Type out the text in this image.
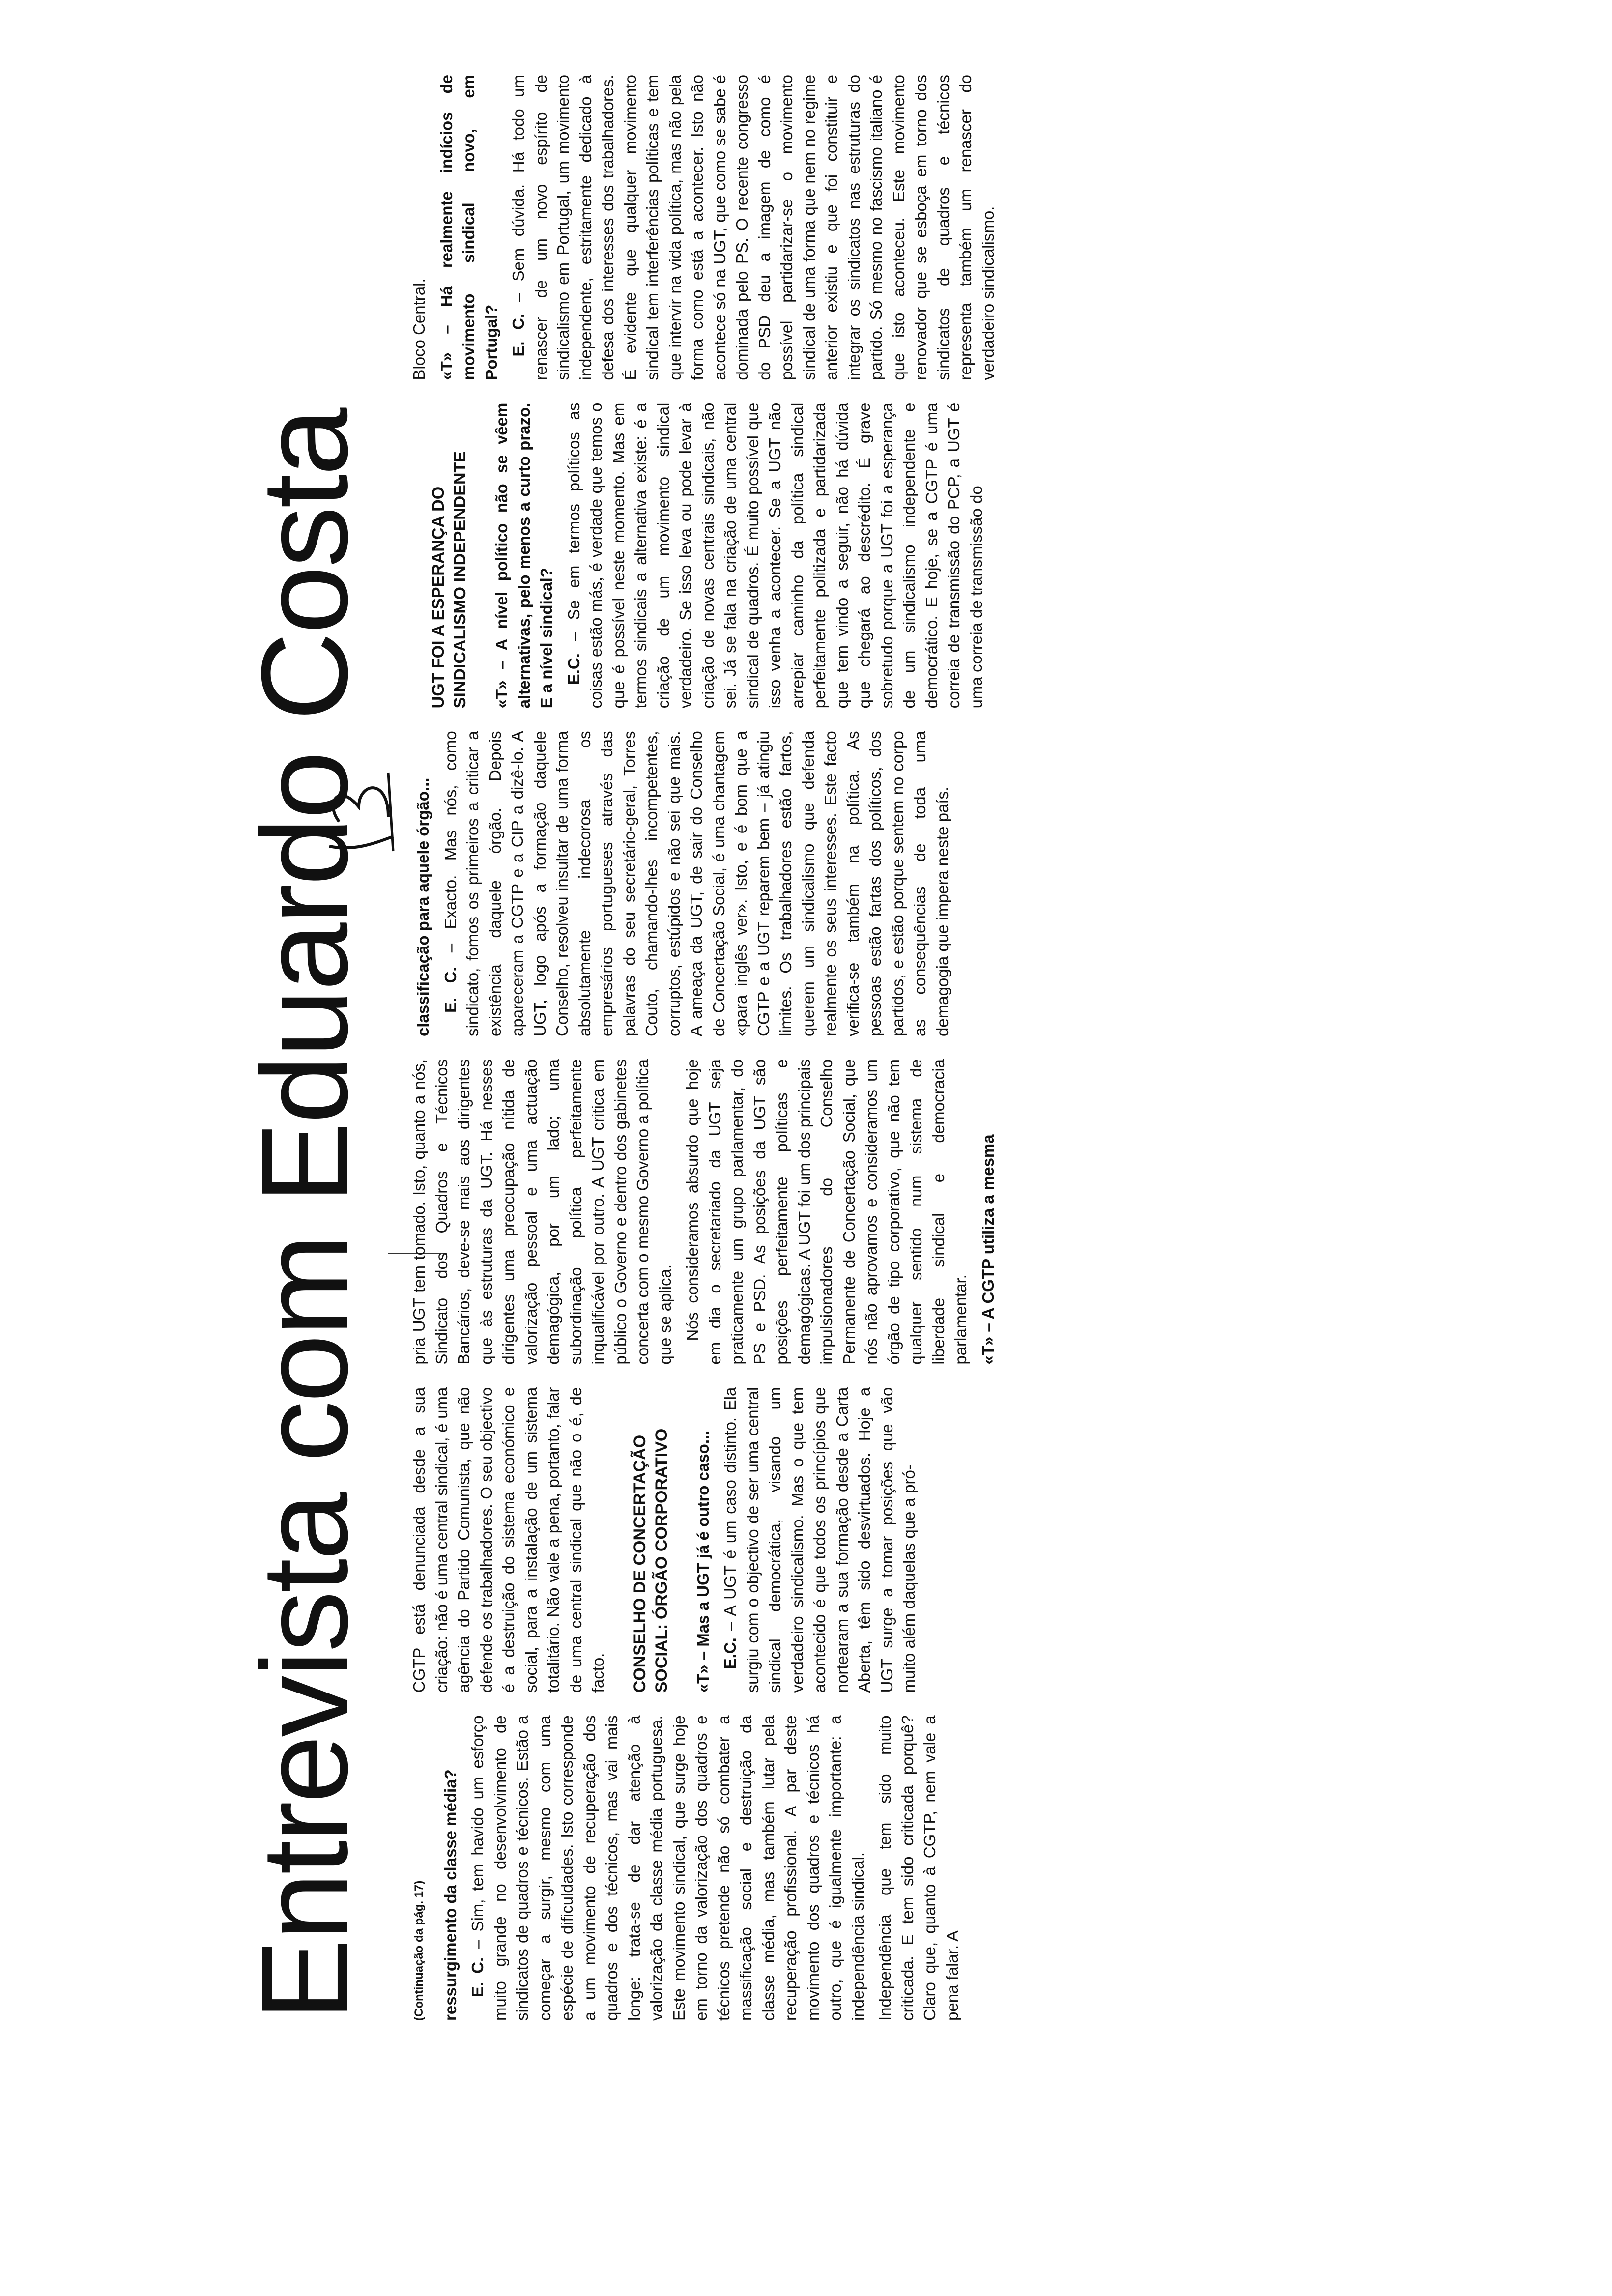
Entrevista com Eduardo Costa	(Continuação da pág. 17) ressurgimento da classe média? E. C. – Sim, tem havido um esforço muito grande no desenvolvimento de sindicatos de quadros e técnicos. Estão a começar a surgir, mesmo com uma espécie de dificuldades. Isto corresponde a um movimento de recuperação dos quadros e dos técnicos, mas vai mais longe: trata-se de dar atenção à valorização da classe média portuguesa. Este movimento sindical, que surge hoje em torno da valorização dos quadros e técnicos pretende não só combater a massificação social e destruição da classe média, mas também lutar pela recuperação profissional. A par deste movimento dos quadros e técnicos há outro, que é igualmente importante: a independência sindical. Independência que tem sido muito criticada. E tem sido criticada porquê? Claro que, quanto à CGTP, nem vale a pena falar. A

CGTP está denunciada desde a sua criação: não é uma central sindical, é uma agência do Partido Comunista, que não defende os trabalhadores. O seu objectivo é a destruição do sistema económico e social, para a instalação de um sistema totalitário. Não vale a pena, portanto, falar de uma central sindical que não o é, de facto. CONSELHO DE CONCERTAÇÃO SOCIAL: ÓRGÃO CORPORATIVO «T» – Mas a UGT já é outro caso... E.C. – A UGT é um caso distinto. Ela surgiu com o objectivo de ser uma central sindical democrática, visando um verdadeiro sindicalismo. Mas o que tem acontecido é que todos os princípios que nortearam a sua formação desde a Carta Aberta, têm sido desvirtuados. Hoje a UGT surge a tomar posições que vão muito além daquelas que a pró-

pria UGT tem tomado. Isto, quanto a nós, Sindicato dos Quadros e Técnicos Bancários, deve-se mais aos dirigentes que às estruturas da UGT. Há nesses dirigentes uma preocupação nítida de valorização pessoal e uma actuação demagógica, por um lado; uma subordinação política perfeitamente inqualificável por outro. A UGT critica em público o Governo e dentro dos gabinetes concerta com o mesmo Governo a política que se aplica. Nós consideramos absurdo que hoje em dia o secretariado da UGT seja praticamente um grupo parlamentar, do PS e PSD. As posições da UGT são posições perfeitamente políticas e demagógicas. A UGT foi um dos principais impulsionadores do Conselho Permanente de Concertação Social, que nós não aprovamos e consideramos um órgão de tipo corporativo, que não tem qualquer sentido num sistema de liberdade sindical e democracia parlamentar. «T» – A CGTP utiliza a mesma

classificação para aquele órgão... E. C. – Exacto. Mas nós, como sindicato, fomos os primeiros a criticar a existência daquele órgão. Depois apareceram a CGTP e a CIP a dizê-lo. A UGT, logo após a formação daquele Conselho, resolveu insultar de uma forma absolutamente indecorosa os empresários portugueses através das palavras do seu secretário-geral, Torres Couto, chamando-lhes incompetentes, corruptos, estúpidos e não sei que mais. A ameaça da UGT, de sair do Conselho de Concertação Social, é uma chantagem «para inglês ver». Isto, e é bom que a CGTP e a UGT reparem bem – já atingiu limites. Os trabalhadores estão fartos, querem um sindicalismo que defenda realmente os seus interesses. Este facto verifica-se também na política. As pessoas estão fartas dos políticos, dos partidos, e estão porque sentem no corpo as consequências de toda uma demagogia que impera neste país.

UGT FOI A ESPERANÇA DO SINDICALISMO INDEPENDENTE «T» – A nível político não se vêem alternativas, pelo menos a curto prazo. E a nível sindical? E.C. – Se em termos políticos as coisas estão más, é verdade que temos o que é possível neste momento. Mas em termos sindicais a alternativa existe: é a criação de um movimento sindical verdadeiro. Se isso leva ou pode levar à criação de novas centrais sindicais, não sei. Já se fala na criação de uma central sindical de quadros. É muito possível que isso venha a acontecer. Se a UGT não arrepiar caminho da política sindical perfeitamente politizada e partidarizada que tem vindo a seguir, não há dúvida que chegará ao descrédito. É grave sobretudo porque a UGT foi a esperança de um sindicalismo independente e democrático. E hoje, se a CGTP é uma correia de transmissão do PCP, a UGT é uma correia de transmissão do

Bloco Central. «T» – Há realmente indícios de movimento sindical novo, em Portugal? E. C. – Sem dúvida. Há todo um renascer de um novo espírito de sindicalismo em Portugal, um movimento independente, estritamente dedicado à defesa dos interesses dos trabalhadores. É evidente que qualquer movimento sindical tem interferências políticas e tem que intervir na vida política, mas não pela forma como está a acontecer. Isto não acontece só na UGT, que como se sabe é dominada pelo PS. O recente congresso do PSD deu a imagem de como é possível partidarizar-se o movimento sindical de uma forma que nem no regime anterior existiu e que foi constituir e integrar os sindicatos nas estruturas do partido. Só mesmo no fascismo italiano é que isto aconteceu. Este movimento renovador que se esboça em torno dos sindicatos de quadros e técnicos representa também um renascer do verdadeiro sindicalismo.
